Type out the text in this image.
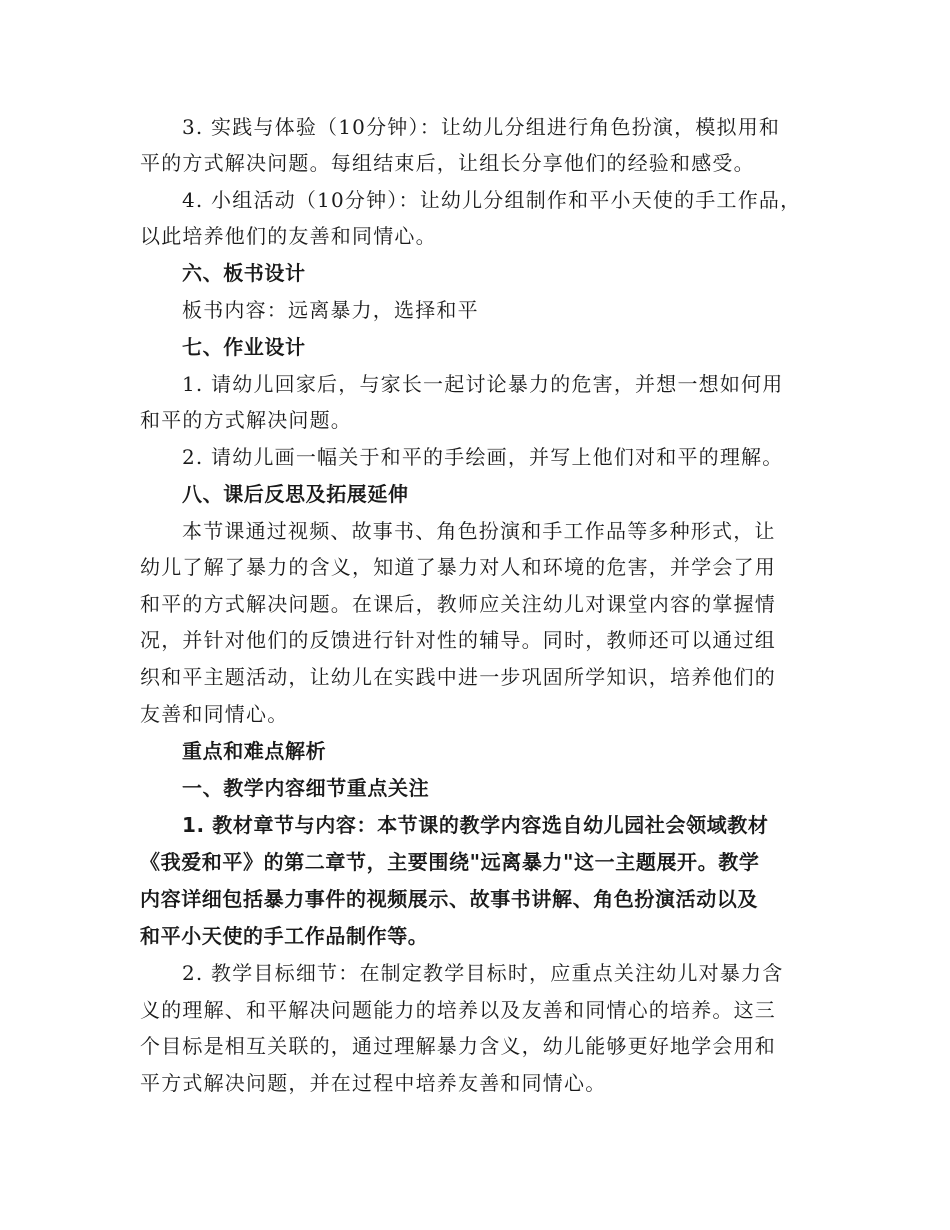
3. 实践与体验（10分钟）：让幼儿分组进行角色扮演，模拟用和
平的方式解决问题。每组结束后，让组长分享他们的经验和感受。
4. 小组活动（10分钟）：让幼儿分组制作和平小天使的手工作品，
以此培养他们的友善和同情心。
六、板书设计
板书内容：远离暴力，选择和平
七、作业设计
1. 请幼儿回家后，与家长一起讨论暴力的危害，并想一想如何用
和平的方式解决问题。
2. 请幼儿画一幅关于和平的手绘画，并写上他们对和平的理解。
八、课后反思及拓展延伸
本节课通过视频、故事书、角色扮演和手工作品等多种形式，让
幼儿了解了暴力的含义，知道了暴力对人和环境的危害，并学会了用
和平的方式解决问题。在课后，教师应关注幼儿对课堂内容的掌握情
况，并针对他们的反馈进行针对性的辅导。同时，教师还可以通过组
织和平主题活动，让幼儿在实践中进一步巩固所学知识，培养他们的
友善和同情心。
重点和难点解析
一、教学内容细节重点关注
1. 教材章节与内容：本节课的教学内容选自幼儿园社会领域教材
《我爱和平》的第二章节，主要围绕"远离暴力"这一主题展开。教学
内容详细包括暴力事件的视频展示、故事书讲解、角色扮演活动以及
和平小天使的手工作品制作等。
2. 教学目标细节：在制定教学目标时，应重点关注幼儿对暴力含
义的理解、和平解决问题能力的培养以及友善和同情心的培养。这三
个目标是相互关联的，通过理解暴力含义，幼儿能够更好地学会用和
平方式解决问题，并在过程中培养友善和同情心。
